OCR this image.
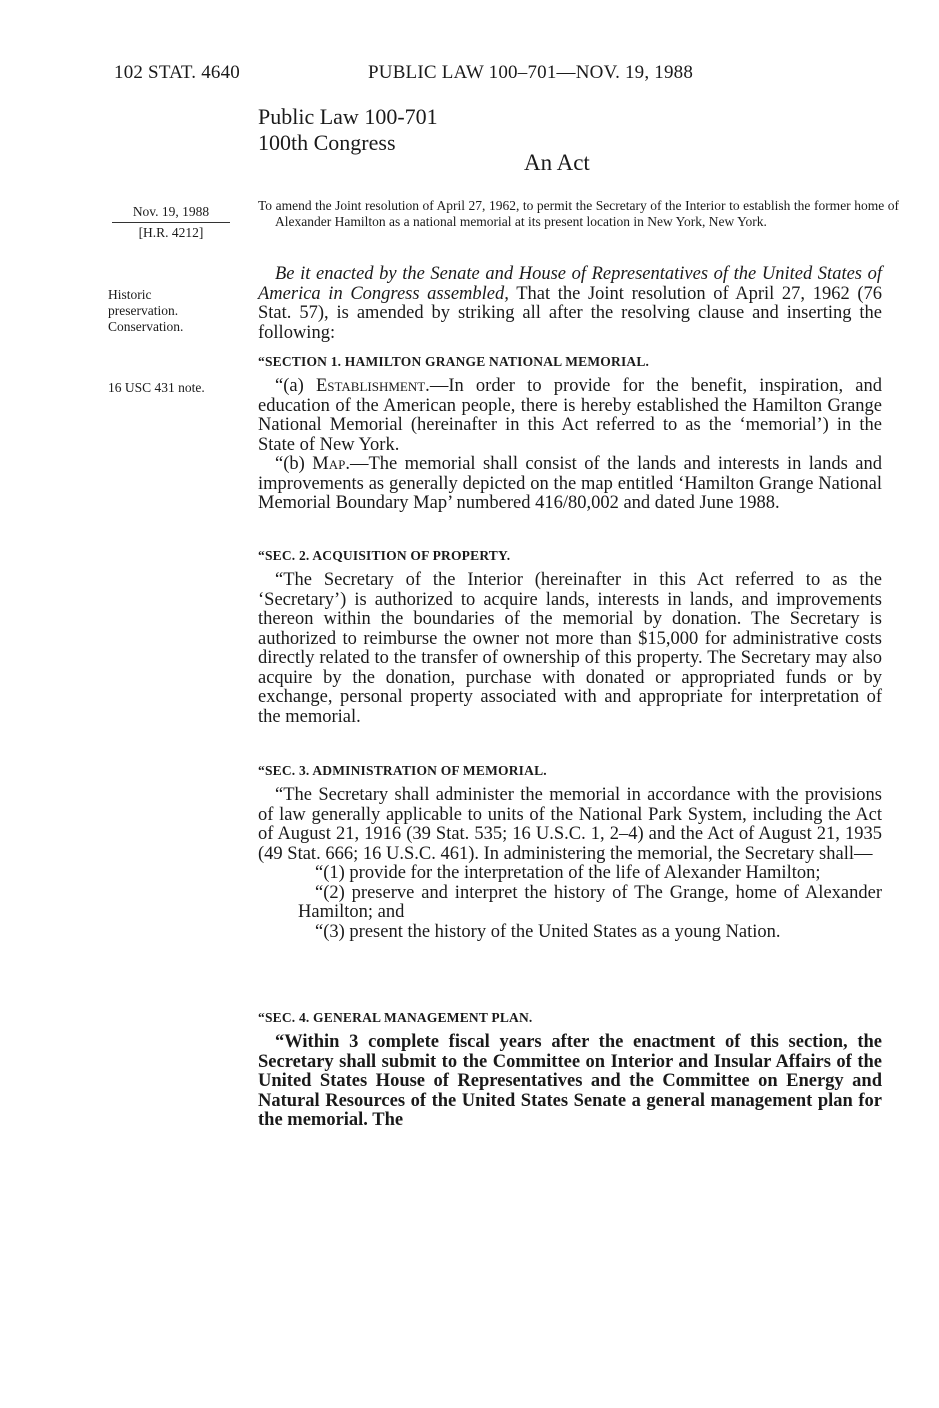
102 STAT. 4640	PUBLIC LAW 100–701—NOV. 19, 1988
Public Law 100-701
100th Congress
An Act
Nov. 19, 1988
[H.R. 4212]
Historic
preservation.
Conservation.
16 USC 431 note.
To amend the Joint resolution of April 27, 1962, to permit the Secretary of the Interior to establish the former home of Alexander Hamilton as a national memorial at its present location in New York, New York.
Be it enacted by the Senate and House of Representatives of the United States of America in Congress assembled, That the Joint resolution of April 27, 1962 (76 Stat. 57), is amended by striking all after the resolving clause and inserting the following:
“SECTION 1. HAMILTON GRANGE NATIONAL MEMORIAL.

“(a) Establishment.—In order to provide for the benefit, inspiration, and education of the American people, there is hereby established the Hamilton Grange National Memorial (hereinafter in this Act referred to as the ‘memorial’) in the State of New York.

“(b) Map.—The memorial shall consist of the lands and interests in lands and improvements as generally depicted on the map entitled ‘Hamilton Grange National Memorial Boundary Map’ numbered 416/80,002 and dated June 1988.

“SEC. 2. ACQUISITION OF PROPERTY.

“The Secretary of the Interior (hereinafter in this Act referred to as the ‘Secretary’) is authorized to acquire lands, interests in lands, and improvements thereon within the boundaries of the memorial by donation. The Secretary is authorized to reimburse the owner not more than $15,000 for administrative costs directly related to the transfer of ownership of this property. The Secretary may also acquire by the donation, purchase with donated or appropriated funds or by exchange, personal property associated with and appropriate for interpretation of the memorial.

“SEC. 3. ADMINISTRATION OF MEMORIAL.

“The Secretary shall administer the memorial in accordance with the provisions of law generally applicable to units of the National Park System, including the Act of August 21, 1916 (39 Stat. 535; 16 U.S.C. 1, 2–4) and the Act of August 21, 1935 (49 Stat. 666; 16 U.S.C. 461). In administering the memorial, the Secretary shall—

“(1) provide for the interpretation of the life of Alexander Hamilton;

“(2) preserve and interpret the history of The Grange, home of Alexander Hamilton; and

“(3) present the history of the United States as a young Nation.

“SEC. 4. GENERAL MANAGEMENT PLAN.

“Within 3 complete fiscal years after the enactment of this section, the Secretary shall submit to the Committee on Interior and Insular Affairs of the United States House of Representatives and the Committee on Energy and Natural Resources of the United States Senate a general management plan for the memorial. The
